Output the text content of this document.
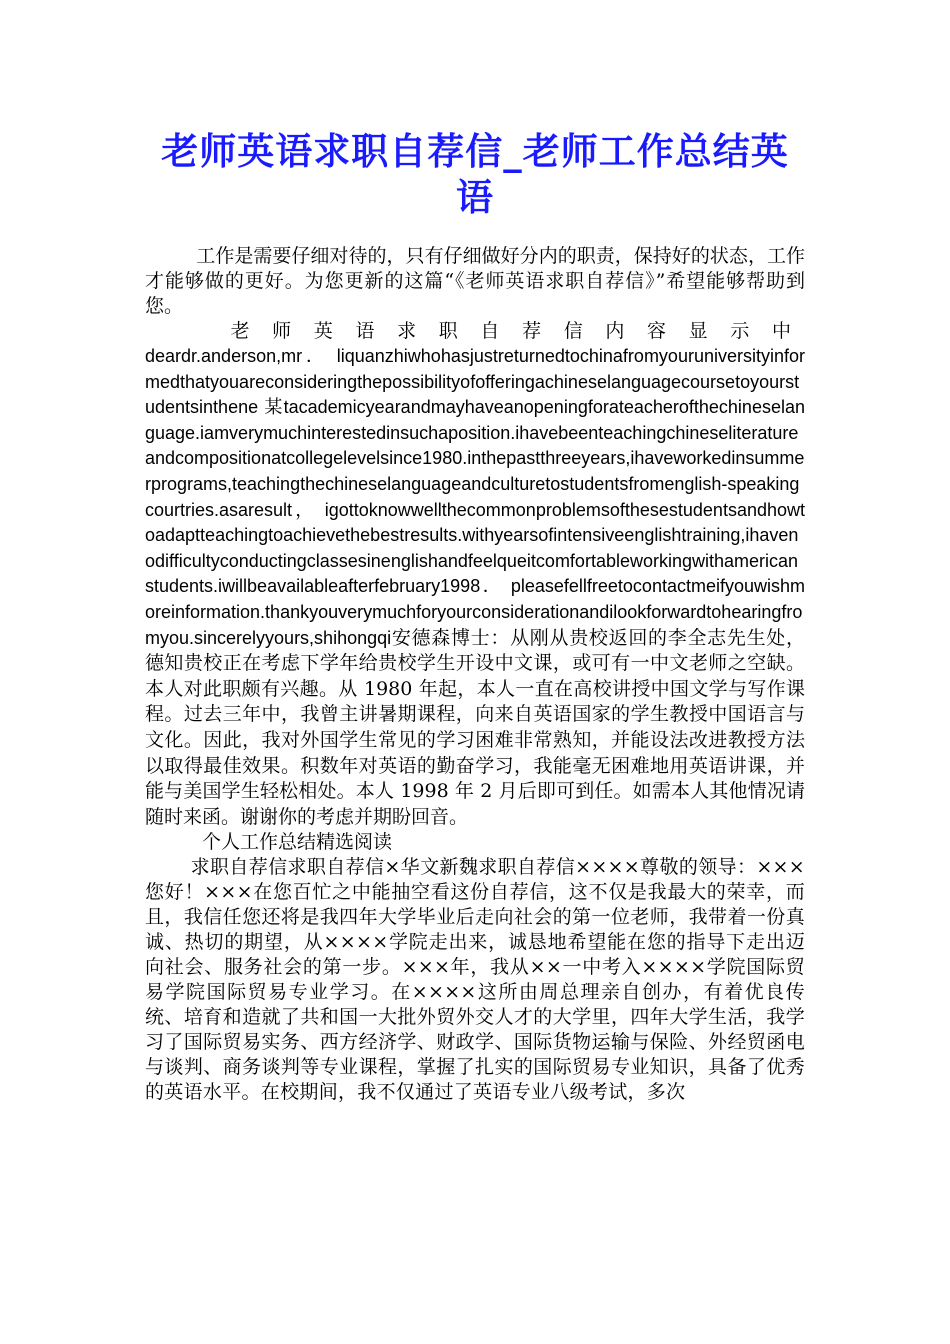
老师英语求职自荐信_老师工作总结英语

工作是需要仔细对待的，只有仔细做好分内的职责，保持好的状态，工作才能够做的更好。为您更新的这篇“《老师英语求职自荐信》”希望能够帮助到您。

老师英语求职自荐信内容显示中

deardr.anderson,mr． liquanzhiwhohasjustreturnedtochinafromyouruniversityinformedthatyouareconsideringthepossibilityofofferingachineselanguagecoursetoyourstudentsinthene 某tacademicyearandmayhaveanopeningforateacherofthechineselanguage.iamverymuchinterestedinsuchaposition.ihavebeenteachingchineseliteratureandcompositionatcollegelevelsince1980.inthepastthreeyears,ihaveworkedinsummerprograms,teachingthechineselanguageandculturetostudentsfromenglish-speakingcourtries.asaresult， igottoknowwellthecommonproblemsofthesestudentsandhowtoadaptteachingtoachievethebestresults.withyearsofintensiveenglishtraining,ihavenodifficultyconductingclassesinenglishandfeelqueitcomfortableworkingwithamericanstudents.iwillbeavailableafterfebruary1998． pleasefellfreetocontactmeifyouwishmoreinformation.thankyouverymuchforyourconsiderationandilookforwardtohearingfromyou.sincerelyyours,shihongqi安德森博士：从刚从贵校返回的李全志先生处，德知贵校正在考虑下学年给贵校学生开设中文课，或可有一中文老师之空缺。本人对此职颇有兴趣。从 1980 年起，本人一直在高校讲授中国文学与写作课程。过去三年中，我曾主讲暑期课程，向来自英语国家的学生教授中国语言与文化。因此，我对外国学生常见的学习困难非常熟知，并能设法改进教授方法以取得最佳效果。积数年对英语的勤奋学习，我能毫无困难地用英语讲课，并能与美国学生轻松相处。本人 1998 年 2 月后即可到任。如需本人其他情况请随时来函。谢谢你的考虑并期盼回音。

个人工作总结精选阅读

求职自荐信求职自荐信×华文新魏求职自荐信××××尊敬的领导：×××您好！×××在您百忙之中能抽空看这份自荐信，这不仅是我最大的荣幸，而且，我信任您还将是我四年大学毕业后走向社会的第一位老师，我带着一份真诚、热切的期望，从××××学院走出来，诚恳地希望能在您的指导下走出迈向社会、服务社会的第一步。×××年，我从××一中考入××××学院国际贸易学院国际贸易专业学习。在××××这所由周总理亲自创办，有着优良传统、培育和造就了共和国一大批外贸外交人才的大学里，四年大学生活，我学习了国际贸易实务、西方经济学、财政学、国际货物运输与保险、外经贸函电与谈判、商务谈判等专业课程，掌握了扎实的国际贸易专业知识，具备了优秀的英语水平。在校期间，我不仅通过了英语专业八级考试，多次
